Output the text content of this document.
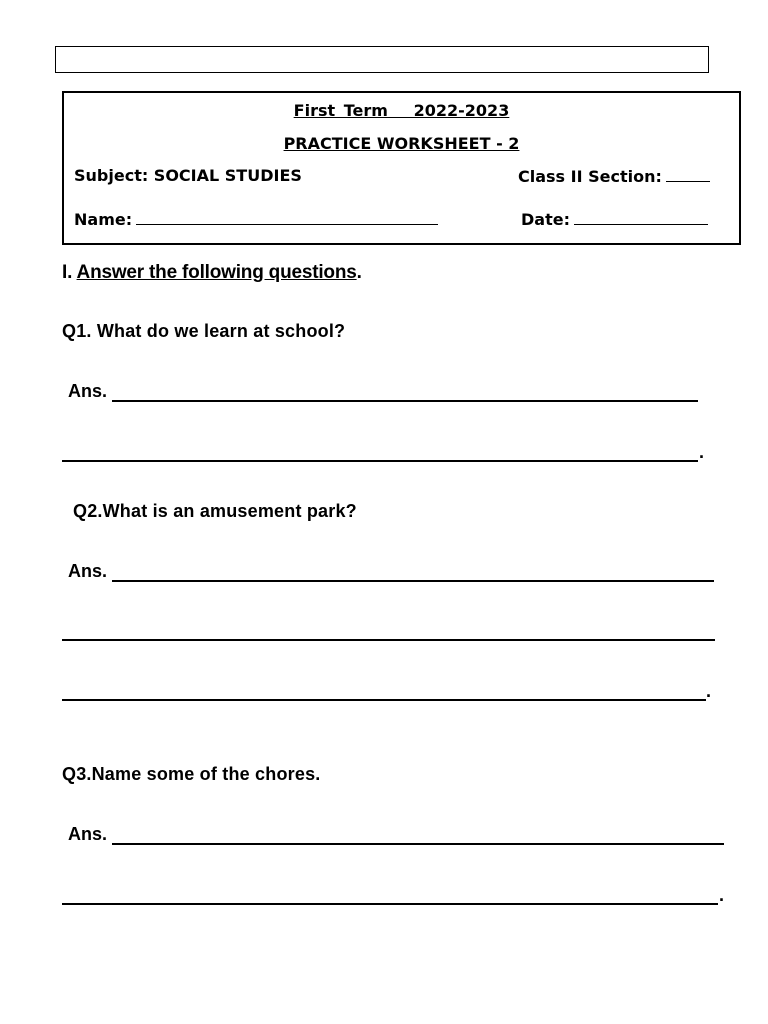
First Term   2022-2023
PRACTICE WORKSHEET - 2
Subject: SOCIAL STUDIES	Class II Section:
Name:	Date:
I. Answer the following questions.
Q1. What do we learn at school?
Ans.
.
Q2.What is an amusement park?
Ans.
.
Q3.Name some of the chores.
Ans.
.
